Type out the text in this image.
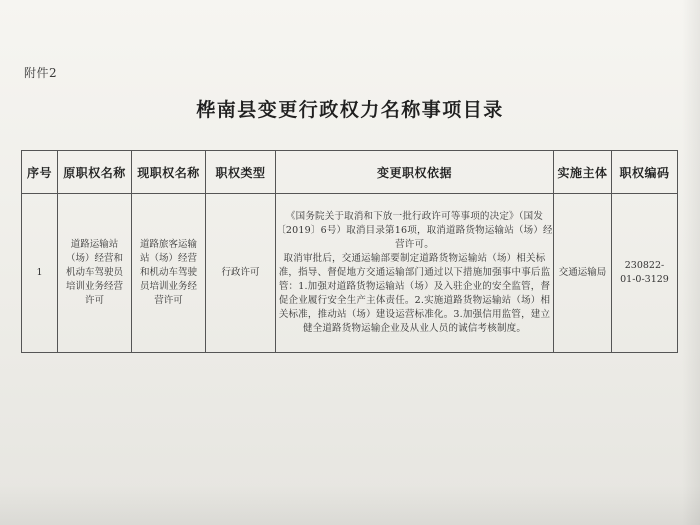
附件2
桦南县变更行政权力名称事项目录
序号	原职权名称	现职权名称	职权类型	变更职权依据	实施主体	职权编码
1	道路运输站（场）经营和机动车驾驶员培训业务经营许可	道路旅客运输站（场）经营和机动车驾驶员培训业务经营许可	行政许可	《国务院关于取消和下放一批行政许可等事项的决定》（国发〔2019〕6号）取消目录第16项，取消道路货物运输站（场）经营许可。
取消审批后，交通运输部要制定道路货物运输站（场）相关标准，指导、督促地方交通运输部门通过以下措施加强事中事后监管：1.加强对道路货物运输站（场）及入驻企业的安全监管，督促企业履行安全生产主体责任。2.实施道路货物运输站（场）相关标准，推动站（场）建设运营标准化。3.加强信用监管，建立健全道路货物运输企业及从业人员的诚信考核制度。	交通运输局	230822-01-0-3129
